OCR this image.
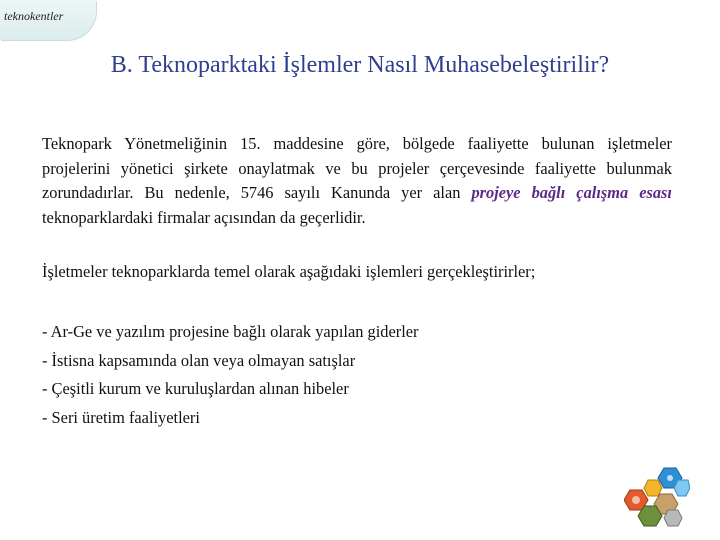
teknokentler
B. Teknoparktaki İşlemler Nasıl Muhasebeleştirilir?

Teknopark Yönetmeliğinin 15. maddesine göre, bölgede faaliyette bulunan işletmeler projelerini yönetici şirkete onaylatmak ve bu projeler çerçevesinde faaliyette bulunmak zorundadırlar. Bu nedenle, 5746 sayılı Kanunda yer alan projeye bağlı çalışma esası teknoparklardaki firmalar açısından da geçerlidir.

İşletmeler teknoparklarda temel olarak aşağıdaki işlemleri gerçekleştirirler;

- Ar-Ge ve yazılım projesine bağlı olarak yapılan giderler
- İstisna kapsamında olan veya olmayan satışlar
- Çeşitli kurum ve kuruluşlardan alınan hibeler
- Seri üretim faaliyetleri
